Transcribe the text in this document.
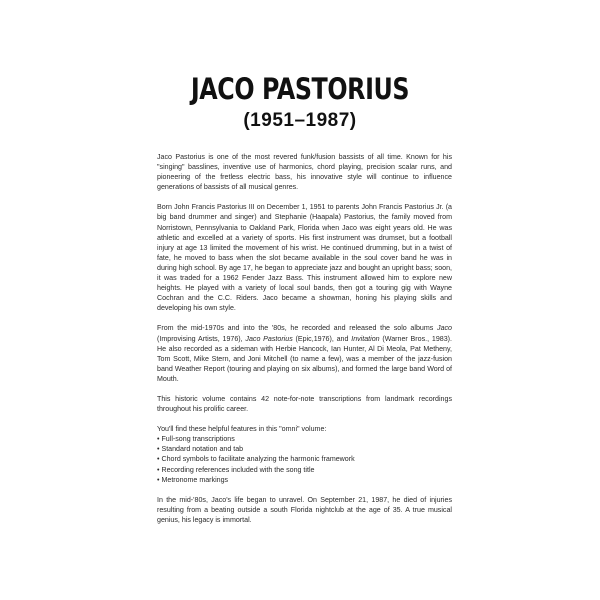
JACO PASTORIUS
(1951–1987)

Jaco Pastorius is one of the most revered funk/fusion bassists of all time. Known for his "singing" basslines, inventive use of harmonics, chord playing, precision scalar runs, and pioneering of the fretless electric bass, his innovative style will continue to influence generations of bassists of all musical genres.

Born John Francis Pastorius III on December 1, 1951 to parents John Francis Pastorius Jr. (a big band drummer and singer) and Stephanie (Haapala) Pastorius, the family moved from Norristown, Pennsylvania to Oakland Park, Florida when Jaco was eight years old. He was athletic and excelled at a variety of sports. His first instrument was drumset, but a football injury at age 13 limited the movement of his wrist. He continued drumming, but in a twist of fate, he moved to bass when the slot became available in the soul cover band he was in during high school. By age 17, he began to appreciate jazz and bought an upright bass; soon, it was traded for a 1962 Fender Jazz Bass. This instrument allowed him to explore new heights. He played with a variety of local soul bands, then got a touring gig with Wayne Cochran and the C.C. Riders. Jaco became a showman, honing his playing skills and developing his own style.

From the mid-1970s and into the '80s, he recorded and released the solo albums Jaco (Improvising Artists, 1976), Jaco Pastorius (Epic,1976), and Invitation (Warner Bros., 1983). He also recorded as a sideman with Herbie Hancock, Ian Hunter, Al Di Meola, Pat Metheny, Tom Scott, Mike Stern, and Joni Mitchell (to name a few), was a member of the jazz-fusion band Weather Report (touring and playing on six albums), and formed the large band Word of Mouth.

This historic volume contains 42 note-for-note transcriptions from landmark recordings throughout his prolific career.

You'll find these helpful features in this "omni" volume:
• Full-song transcriptions
• Standard notation and tab
• Chord symbols to facilitate analyzing the harmonic framework
• Recording references included with the song title
• Metronome markings

In the mid-'80s, Jaco's life began to unravel. On September 21, 1987, he died of injuries resulting from a beating outside a south Florida nightclub at the age of 35. A true musical genius, his legacy is immortal.
